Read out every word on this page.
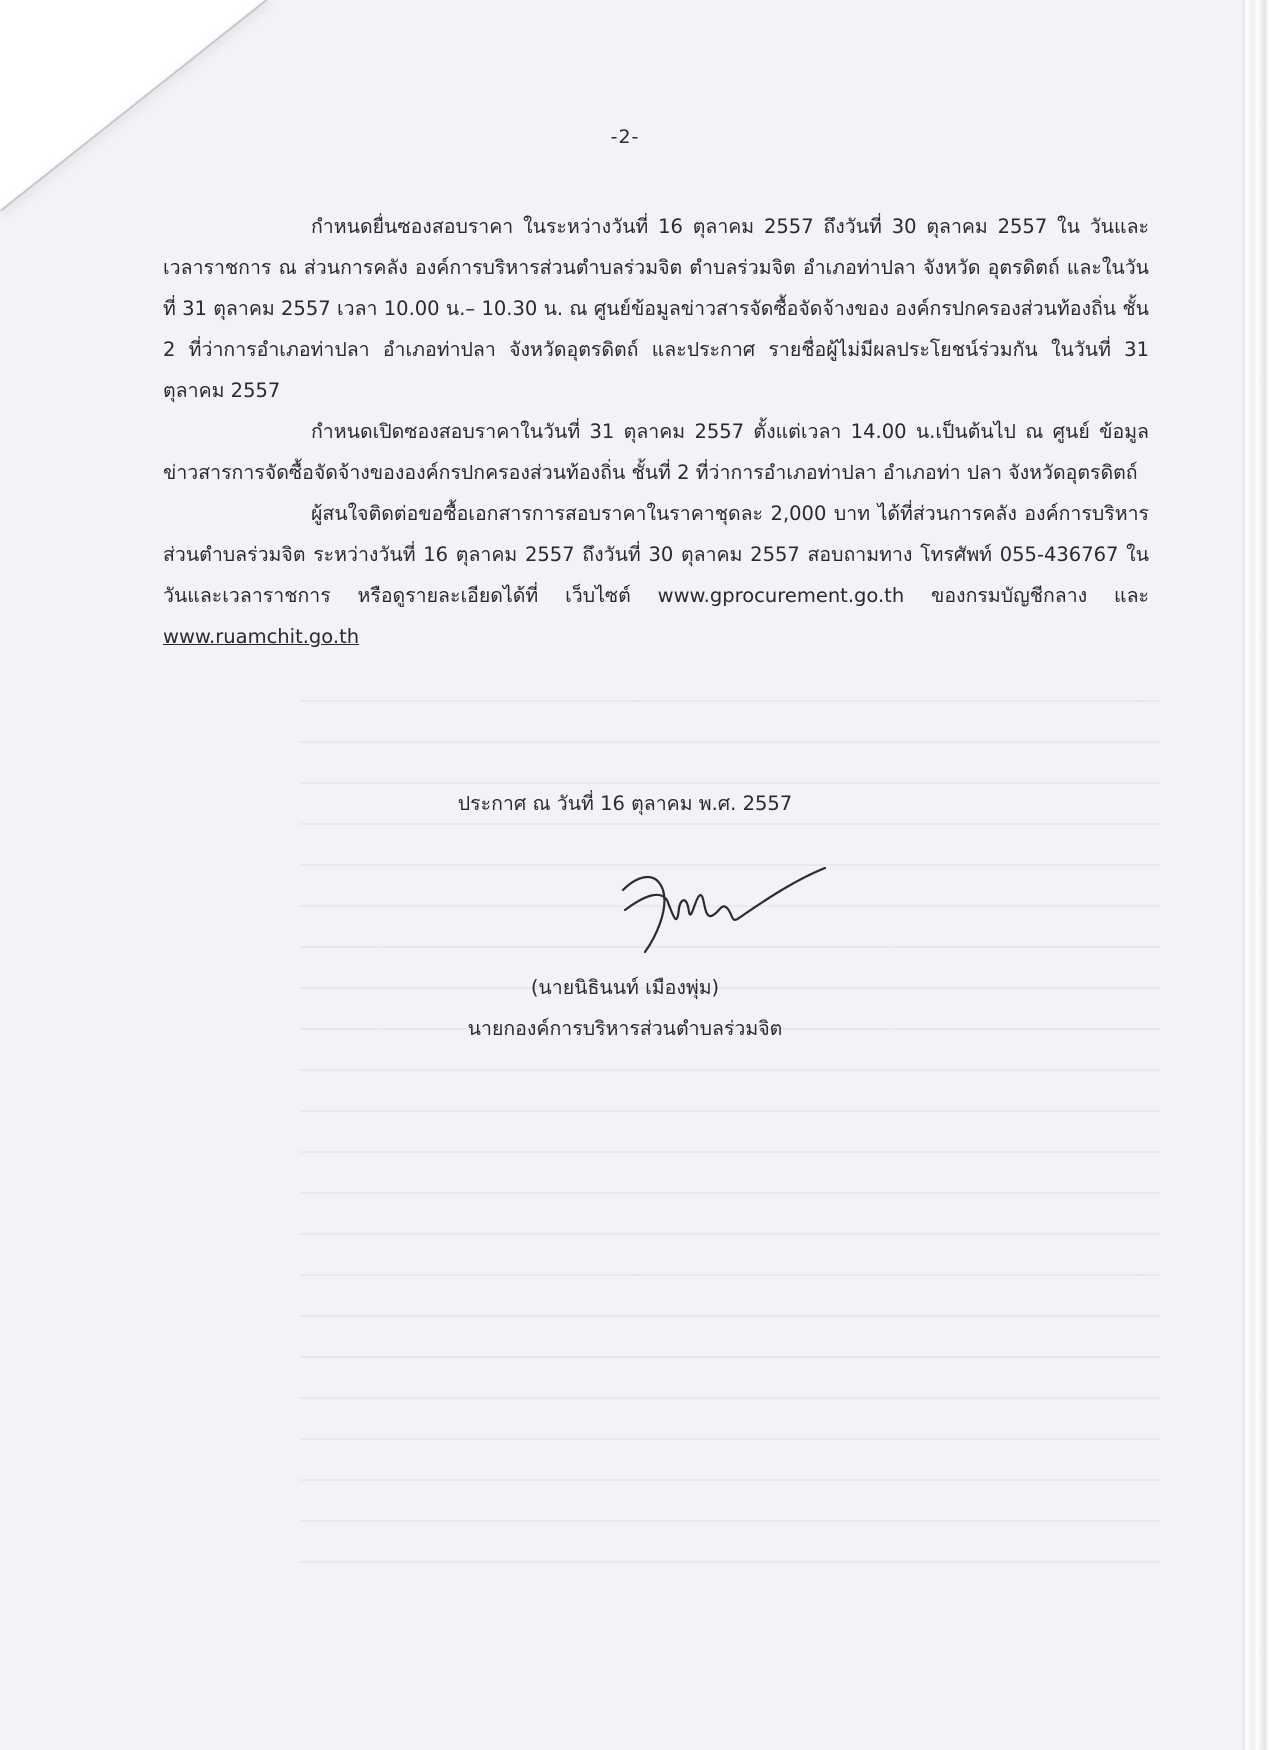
-2-

กำหนดยื่นซองสอบราคา ในระหว่างวันที่ 16 ตุลาคม 2557 ถึงวันที่ 30 ตุลาคม 2557 ใน วันและเวลาราชการ ณ ส่วนการคลัง องค์การบริหารส่วนตำบลร่วมจิต ตำบลร่วมจิต อำเภอท่าปลา จังหวัด อุตรดิตถ์ และในวันที่ 31 ตุลาคม 2557 เวลา 10.00 น.– 10.30 น. ณ ศูนย์ข้อมูลข่าวสารจัดซื้อจัดจ้างของ องค์กรปกครองส่วนท้องถิ่น ชั้น 2 ที่ว่าการอำเภอท่าปลา อำเภอท่าปลา จังหวัดอุตรดิตถ์ และประกาศ รายชื่อผู้ไม่มีผลประโยชน์ร่วมกัน ในวันที่ 31 ตุลาคม 2557

กำหนดเปิดซองสอบราคาในวันที่ 31 ตุลาคม 2557 ตั้งแต่เวลา 14.00 น.เป็นต้นไป ณ ศูนย์ ข้อมูลข่าวสารการจัดซื้อจัดจ้างขององค์กรปกครองส่วนท้องถิ่น ชั้นที่ 2 ที่ว่าการอำเภอท่าปลา อำเภอท่า ปลา จังหวัดอุตรดิตถ์

ผู้สนใจติดต่อขอซื้อเอกสารการสอบราคาในราคาชุดละ 2,000 บาท ได้ที่ส่วนการคลัง องค์การบริหารส่วนตำบลร่วมจิต ระหว่างวันที่ 16 ตุลาคม 2557 ถึงวันที่ 30 ตุลาคม 2557 สอบถามทาง โทรศัพท์ 055-436767 ในวันและเวลาราชการ หรือดูรายละเอียดได้ที่ เว็บไซต์ www.gprocurement.go.th ของกรมบัญชีกลาง และ www.ruamchit.go.th

ประกาศ ณ วันที่ 16 ตุลาคม พ.ศ. 2557
(นายนิธินนท์ เมืองพุ่ม)
นายกองค์การบริหารส่วนตำบลร่วมจิต
